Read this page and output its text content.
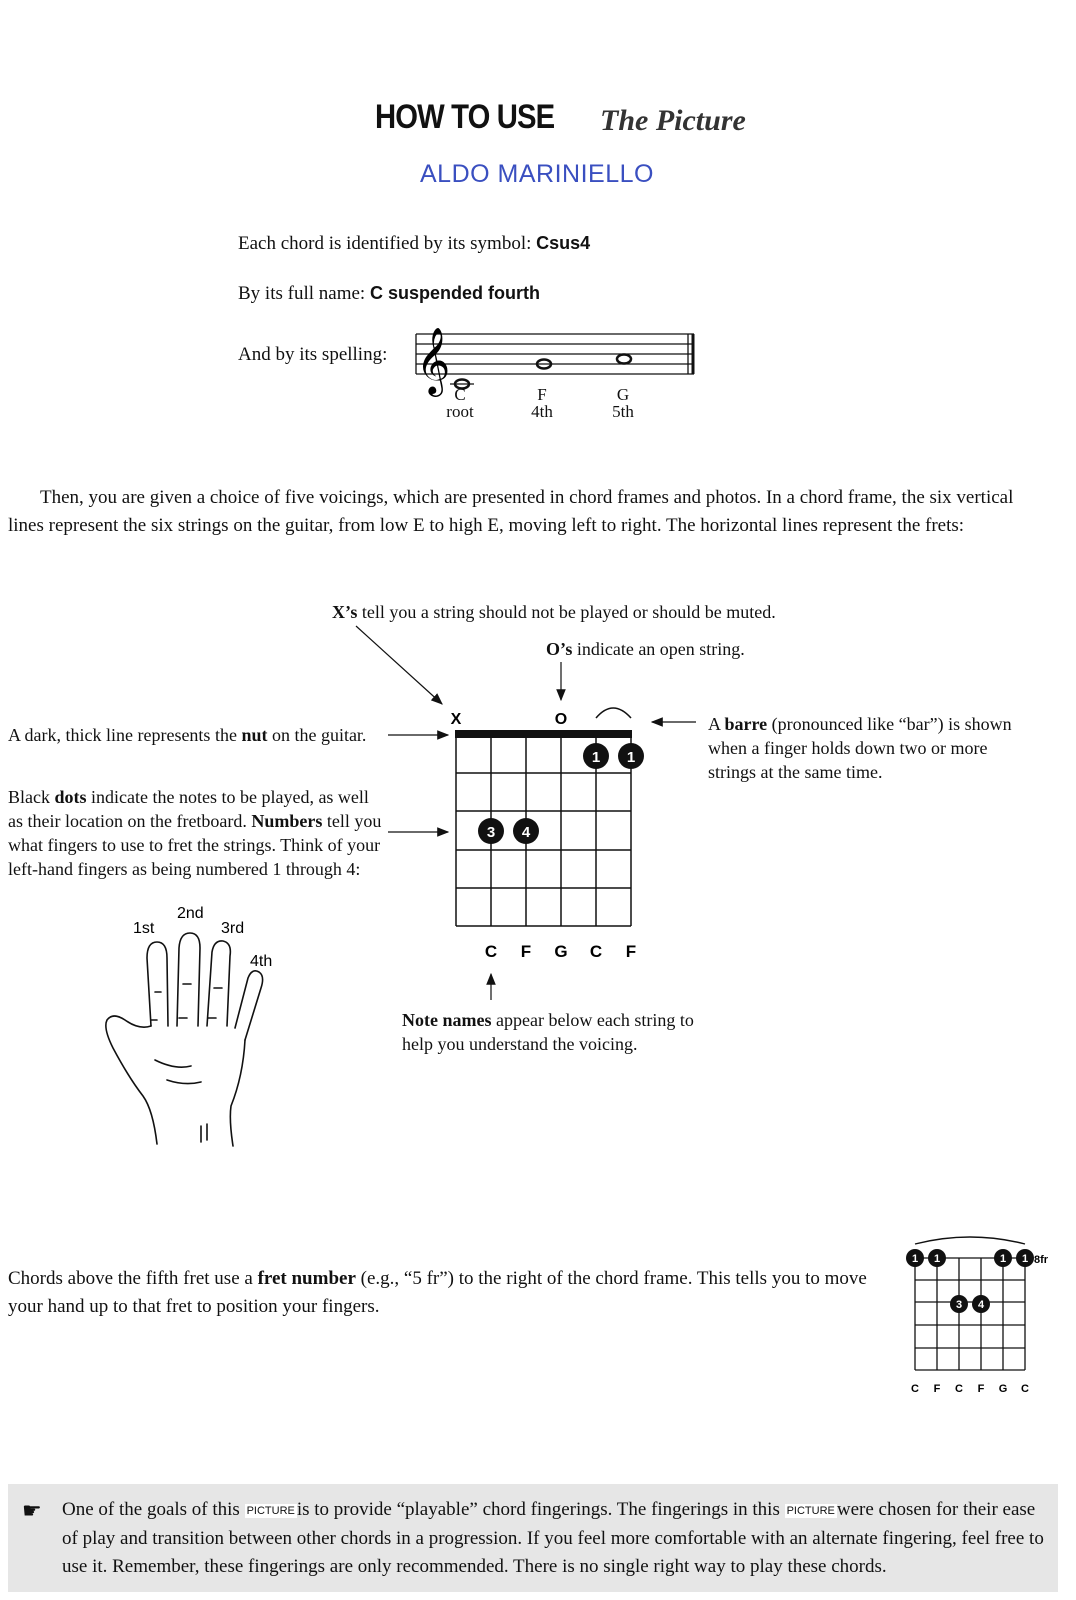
HOW TO USE The Picture
ALDO MARINIELLO
Each chord is identified by its symbol: Csus4
By its full name: C suspended fourth
And by its spelling: 𝄞
C
root
F
4th
G
5th
Then, you are given a choice of five voicings, which are presented in chord frames and photos. In a chord frame, the six vertical lines represent the six strings on the guitar, from low E to high E, moving left to right. The horizontal lines represent the frets:
X’s tell you a string should not be played or should be muted.
O’s indicate an open string.
A dark, thick line represents the nut on the guitar.
A barre (pronounced like “bar”) is shown when a finger holds down two or more strings at the same time.
Black dots indicate the notes to be played, as well as their location on the fretboard. Numbers tell you what fingers to use to fret the strings. Think of your left-hand fingers as being numbered 1 through 4:
Note names appear below each string to help you understand the voicing.
X	O
1 1
3 4
C F G C F
1st
2nd
3rd
4th
Chords above the fifth fret use a fret number (e.g., “5 fr”) to the right of the chord frame. This tells you to move your hand up to that fret to position your fingers.
1 1	1 1
3 4
8fr
C F C F G C
☛ One of the goals of this PICTURE is to provide “playable” chord fingerings. The fingerings in this PICTURE were chosen for their ease of play and transition between other chords in a progression. If you feel more comfortable with an alternate fingering, feel free to use it. Remember, these fingerings are only recommended. There is no single right way to play these chords.
